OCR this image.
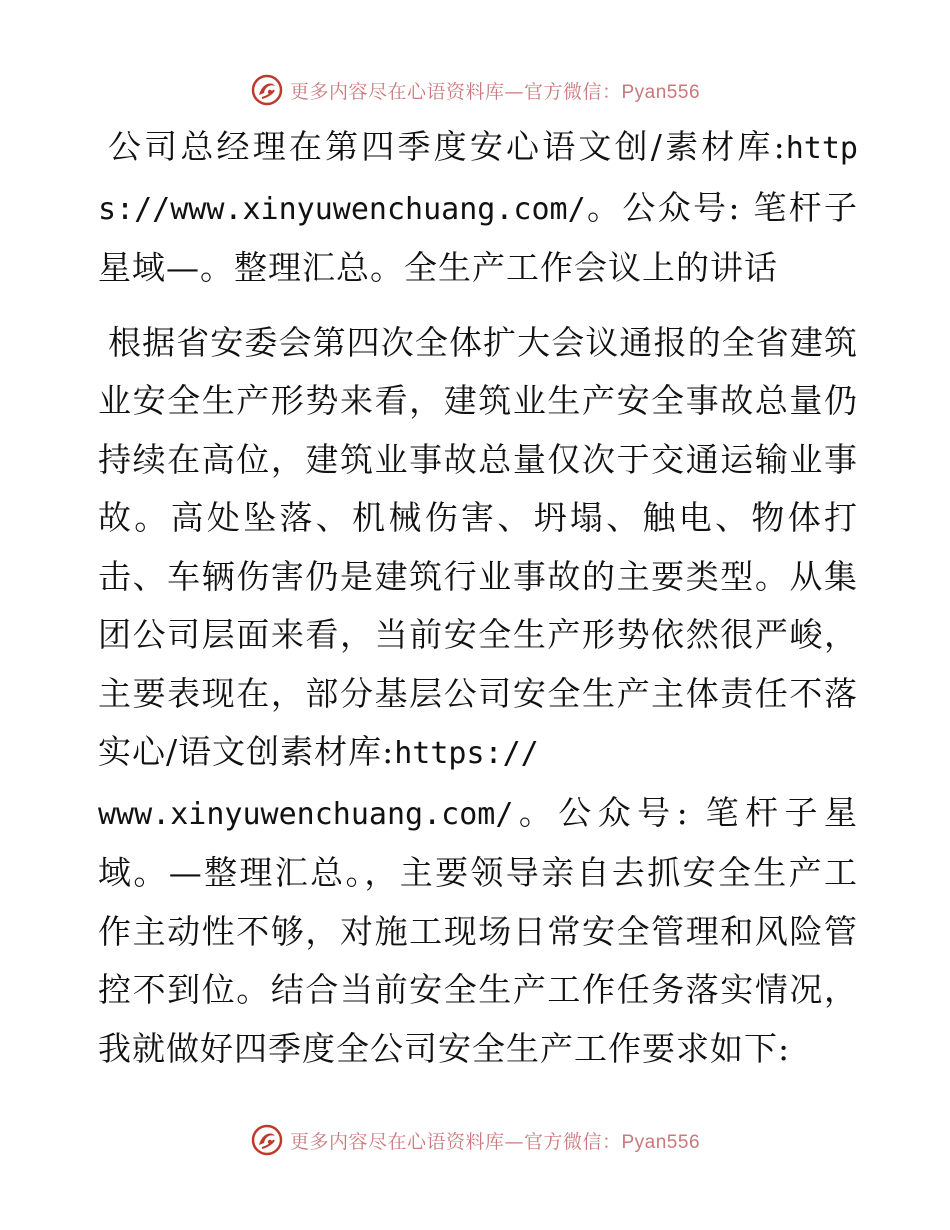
更多内容尽在心语资料库—官方微信：Pyan556

公司总经理在第四季度安心语文创/素材库:https://www.xinyuwenchuang.com/。公众号: 笔杆子星域—。整理汇总。全生产工作会议上的讲话

根据省安委会第四次全体扩大会议通报的全省建筑业安全生产形势来看，建筑业生产安全事故总量仍持续在高位，建筑业事故总量仅次于交通运输业事故。高处坠落、机械伤害、坍塌、触电、物体打击、车辆伤害仍是建筑行业事故的主要类型。从集团公司层面来看，当前安全生产形势依然很严峻，主要表现在，部分基层公司安全生产主体责任不落实心/语文创素材库:https://
www.xinyuwenchuang.com/。公众号: 笔杆子星域。—整理汇总。，主要领导亲自去抓安全生产工作主动性不够，对施工现场日常安全管理和风险管控不到位。结合当前安全生产工作任务落实情况，我就做好四季度全公司安全生产工作要求如下:

更多内容尽在心语资料库—官方微信：Pyan556
